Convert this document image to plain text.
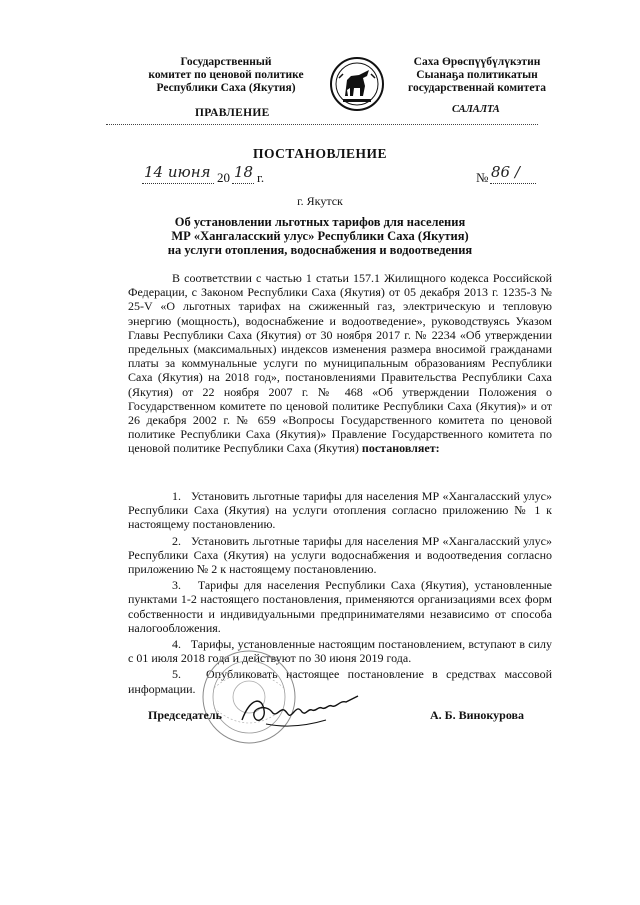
Государственный
комитет по ценовой политике
Республики Саха (Якутия)
Саха Өрөспүүбүлүкэтин
Сыанаҕа политикатын
государственнай комитета
ПРАВЛЕНИЕ	САЛАЛТА
ПОСТАНОВЛЕНИЕ
14 июня 20 18 г.	№ 86 /
г. Якутск
Об установлении льготных тарифов для населения
МР «Хангаласский улус» Республики Саха (Якутия)
на услуги отопления, водоснабжения и водоотведения
В соответствии с частью 1 статьи 157.1 Жилищного кодекса Российской Федерации, с Законом Республики Саха (Якутия) от 05 декабря 2013 г. 1235-3 № 25-V «О льготных тарифах на сжиженный газ, электрическую и тепловую энергию (мощность), водоснабжение и водоотведение», руководствуясь Указом Главы Республики Саха (Якутия) от 30 ноября 2017 г. № 2234 «Об утверждении предельных (максимальных) индексов изменения размера вносимой гражданами платы за коммунальные услуги по муниципальным образованиям Республики Саха (Якутия) на 2018 год», постановлениями Правительства Республики Саха (Якутия) от 22 ноября 2007 г. № 468 «Об утверждении Положения о Государственном комитете по ценовой политике Республики Саха (Якутия)» и от 26 декабря 2002 г. № 659 «Вопросы Государственного комитета по ценовой политике Республики Саха (Якутия)» Правление Государственного комитета по ценовой политике Республики Саха (Якутия) постановляет:

1. Установить льготные тарифы для населения МР «Хангаласский улус» Республики Саха (Якутия) на услуги отопления согласно приложению № 1 к настоящему постановлению.

2. Установить льготные тарифы для населения МР «Хангаласский улус» Республики Саха (Якутия) на услуги водоснабжения и водоотведения согласно приложению № 2 к настоящему постановлению.

3. Тарифы для населения Республики Саха (Якутия), установленные пунктами 1-2 настоящего постановления, применяются организациями всех форм собственности и индивидуальными предпринимателями независимо от способа налогообложения.

4. Тарифы, установленные настоящим постановлением, вступают в силу с 01 июля 2018 года и действуют по 30 июня 2019 года.

5. Опубликовать настоящее постановление в средствах массовой информации.

Председатель	А. Б. Винокурова
